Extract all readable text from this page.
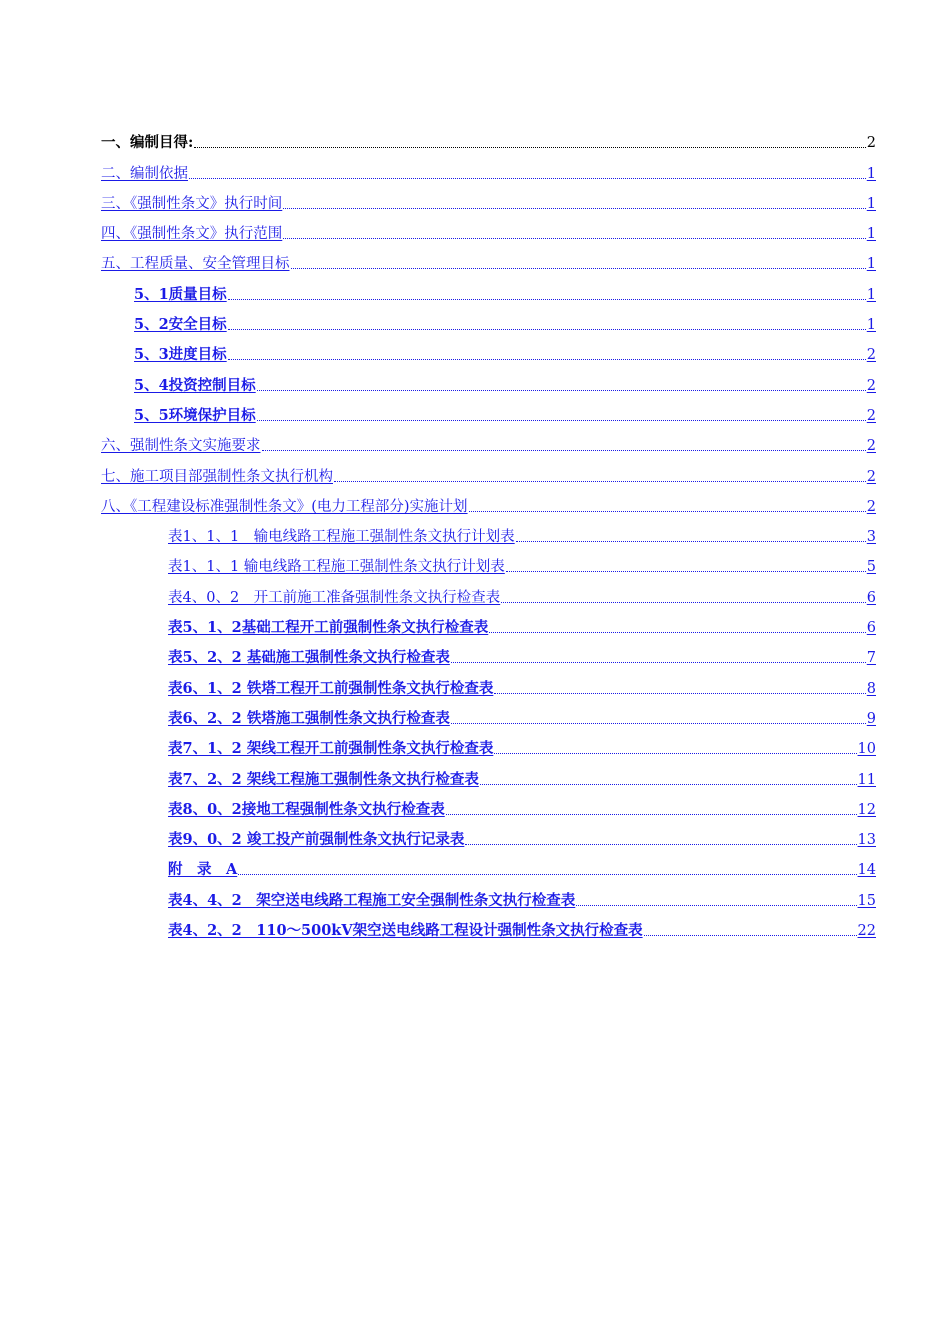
一、编制目得:	2
二、编制依据	1
三、《强制性条文》执行时间	1
四、《强制性条文》执行范围	1
五、工程质量、安全管理目标	1
5、1质量目标	1
5、2安全目标	1
5、3进度目标	2
5、4投资控制目标	2
5、5环境保护目标	2
六、强制性条文实施要求	2
七、施工项目部强制性条文执行机构	2
八、《工程建设标准强制性条文》(电力工程部分)实施计划	2
表1、1、1　输电线路工程施工强制性条文执行计划表	3
表1、1、1 输电线路工程施工强制性条文执行计划表	5
表4、0、2　开工前施工准备强制性条文执行检查表	6
表5、1、2基础工程开工前强制性条文执行检查表	6
表5、2、2 基础施工强制性条文执行检查表	7
表6、1、2 铁塔工程开工前强制性条文执行检查表	8
表6、2、2 铁塔施工强制性条文执行检查表	9
表7、1、2 架线工程开工前强制性条文执行检查表	10
表7、2、2 架线工程施工强制性条文执行检查表	11
表8、0、2接地工程强制性条文执行检查表	12
表9、0、2 竣工投产前强制性条文执行记录表	13
附　录　A	14
表4、4、2　架空送电线路工程施工安全强制性条文执行检查表	15
表4、2、2　110～500kV架空送电线路工程设计强制性条文执行检查表	22
